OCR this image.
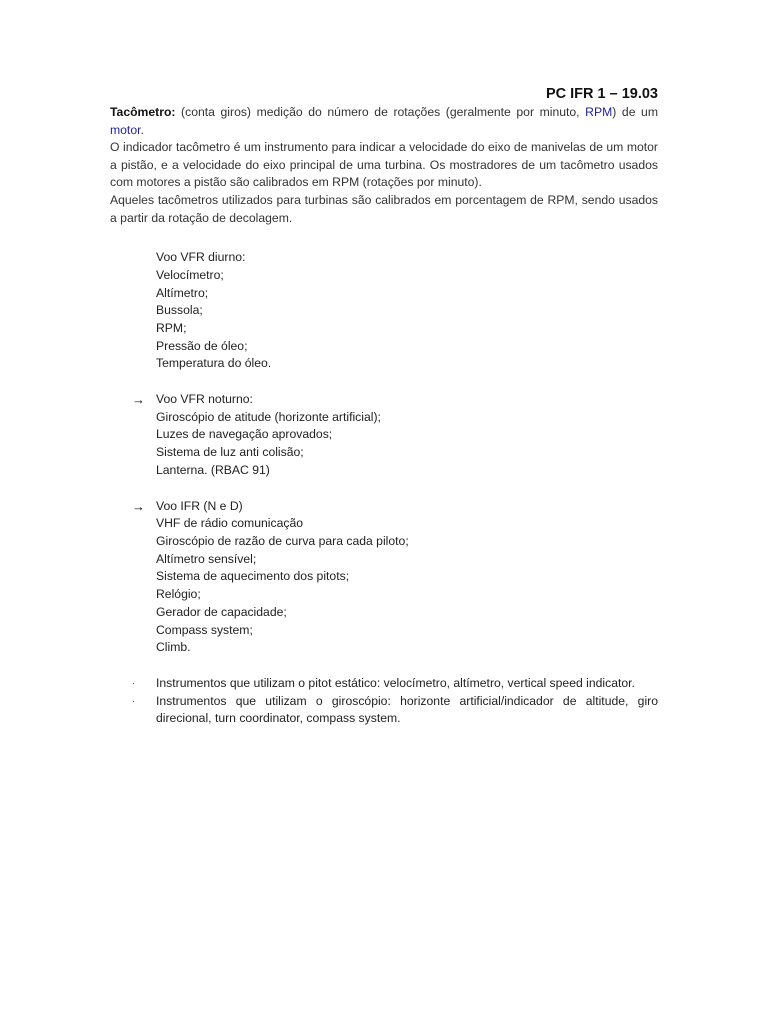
PC IFR 1 – 19.03

Tacômetro: (conta giros) medição do número de rotações (geralmente por minuto, RPM) de um motor.

O indicador tacômetro é um instrumento para indicar a velocidade do eixo de manivelas de um motor a pistão, e a velocidade do eixo principal de uma turbina. Os mostradores de um tacômetro usados com motores a pistão são calibrados em RPM (rotações por minuto).

Aqueles tacômetros utilizados para turbinas são calibrados em porcentagem de RPM, sendo usados a partir da rotação de decolagem.

Voo VFR diurno:
Velocímetro;
Altímetro;
Bussola;
RPM;
Pressão de óleo;
Temperatura do óleo.
→ Voo VFR noturno:
Giroscópio de atitude (horizonte artificial);
Luzes de navegação aprovados;
Sistema de luz anti colisão;
Lanterna. (RBAC 91)
→ Voo IFR (N e D)
VHF de rádio comunicação
Giroscópio de razão de curva para cada piloto;
Altímetro sensível;
Sistema de aquecimento dos pitots;
Relógio;
Gerador de capacidade;
Compass system;
Climb.

· Instrumentos que utilizam o pitot estático: velocímetro, altímetro, vertical speed indicator.

· Instrumentos que utilizam o giroscópio: horizonte artificial/indicador de altitude, giro direcional, turn coordinator, compass system.
